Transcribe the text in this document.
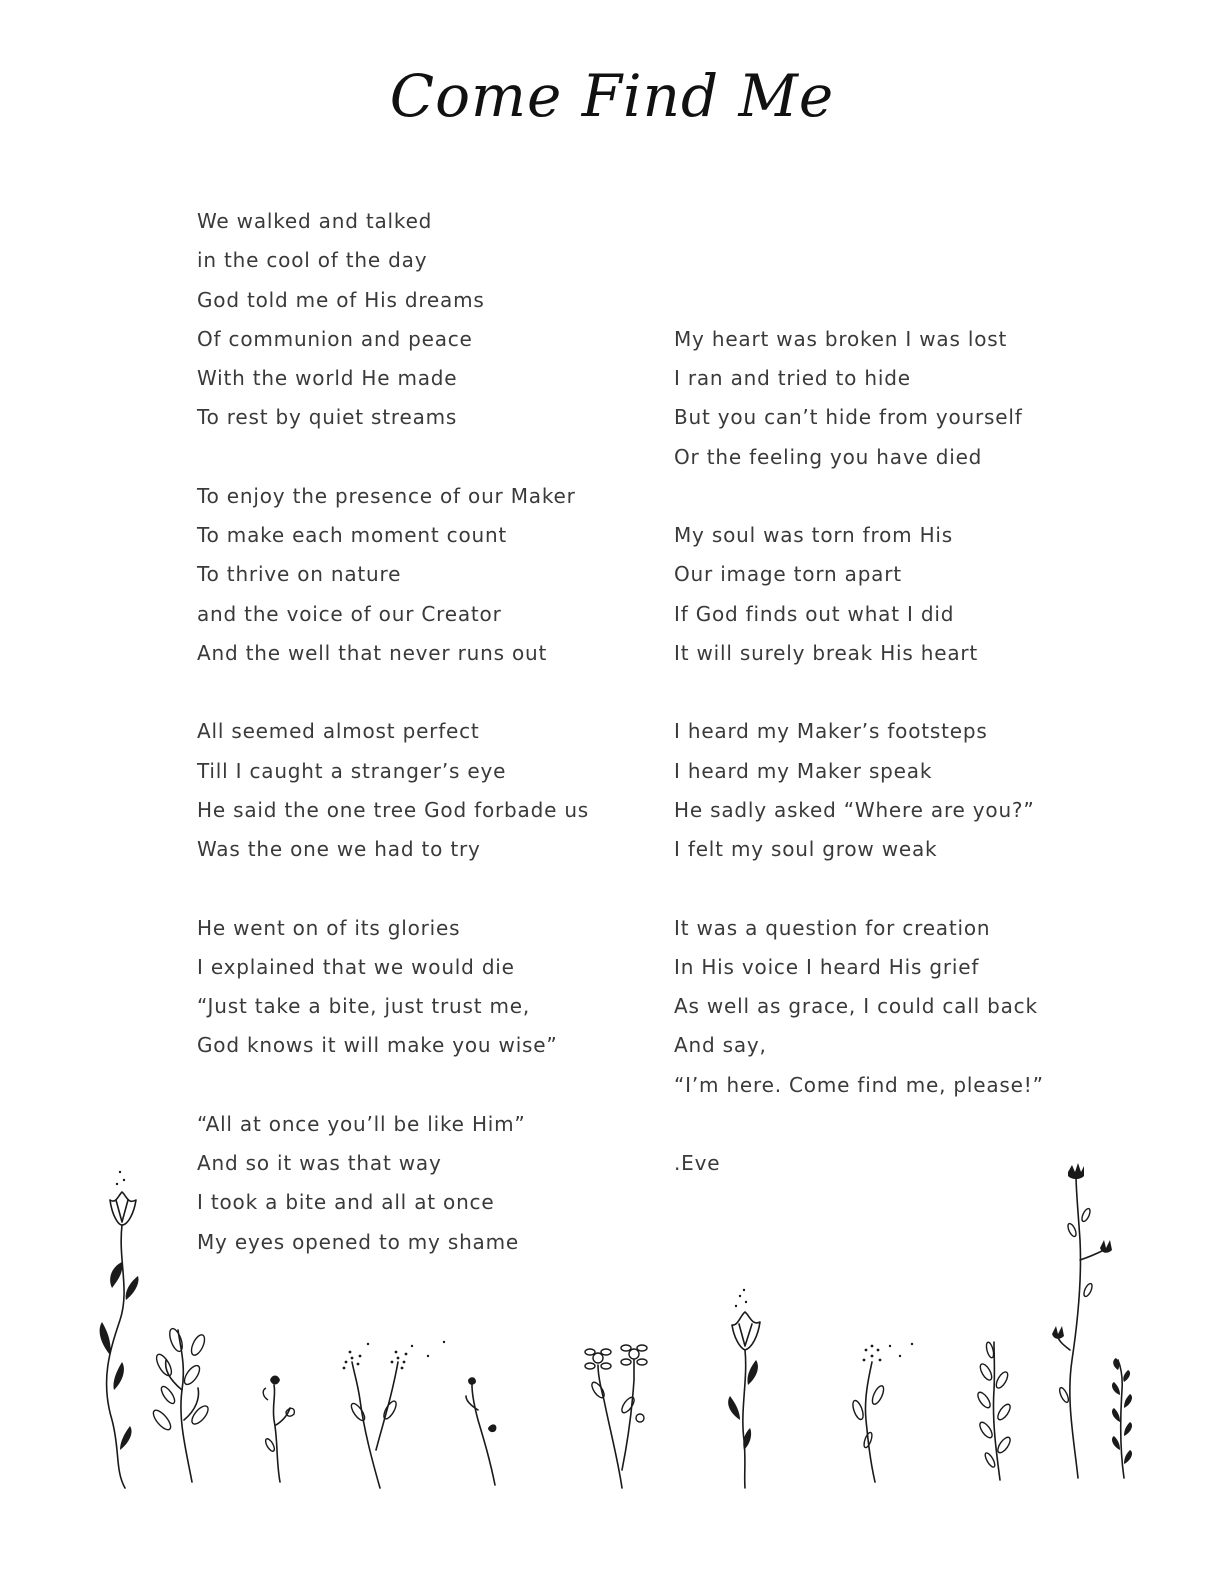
Come Find Me
We walked and talked
in the cool of the day
God told me of His dreams
Of communion and peace
With the world He made
To rest by quiet streams
To enjoy the presence of our Maker
To make each moment count
To thrive on nature
and the voice of our Creator
And the well that never runs out
All seemed almost perfect
Till I caught a stranger’s eye
He said the one tree God forbade us
Was the one we had to try
He went on of its glories
I explained that we would die
“Just take a bite, just trust me,
God knows it will make you wise”
“All at once you’ll be like Him”
And so it was that way
I took a bite and all at once
My eyes opened to my shame
My heart was broken I was lost
I ran and tried to hide
But you can’t hide from yourself
Or the feeling you have died
My soul was torn from His
Our image torn apart
If God finds out what I did
It will surely break His heart
I heard my Maker’s footsteps
I heard my Maker speak
He sadly asked “Where are you?”
I felt my soul grow weak
It was a question for creation
In His voice I heard His grief
As well as grace, I could call back
And say,
“I’m here. Come find me, please!”
.Eve
